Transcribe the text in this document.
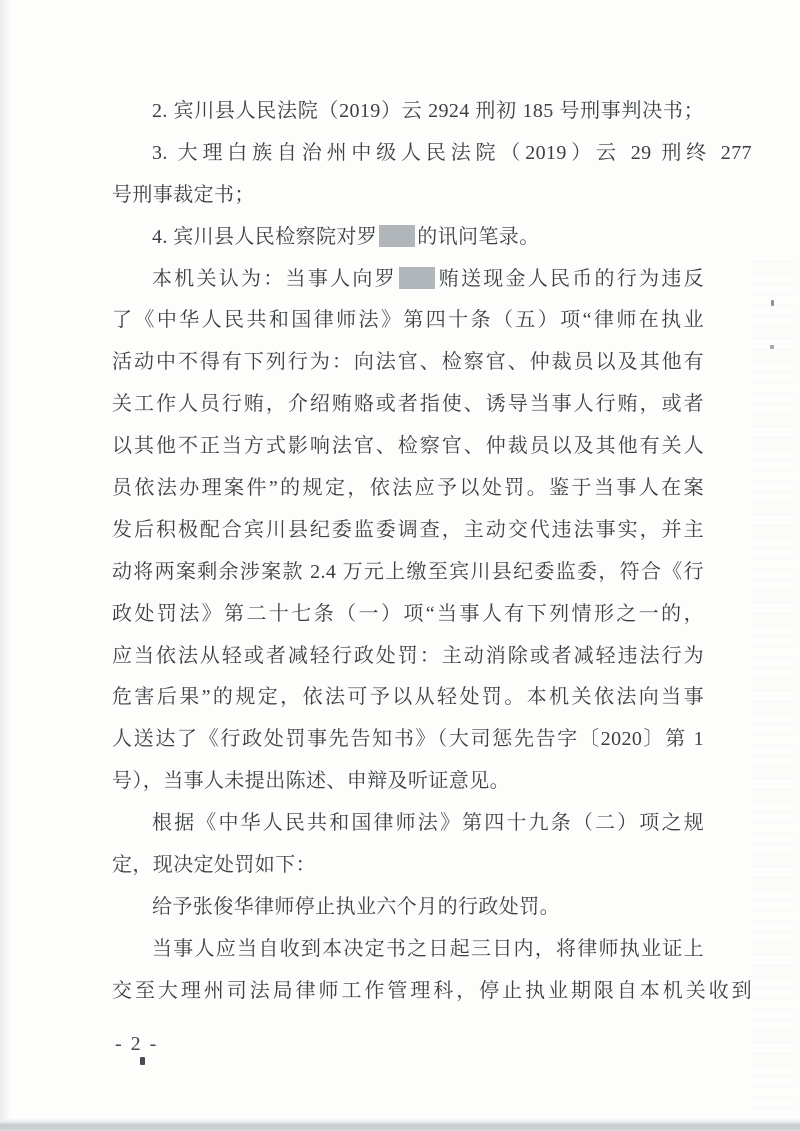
2. 宾川县人民法院（2019）云 2924 刑初 185 号刑事判决书；
3. 大理白族自治州中级人民法院（2019）云 29 刑终 277
号刑事裁定书；
4. 宾川县人民检察院对罗 的讯问笔录。
本机关认为：当事人向罗 贿送现金人民币的行为违反
了《中华人民共和国律师法》第四十条（五）项“律师在执业
活动中不得有下列行为：向法官、检察官、仲裁员以及其他有
关工作人员行贿，介绍贿赂或者指使、诱导当事人行贿，或者
以其他不正当方式影响法官、检察官、仲裁员以及其他有关人
员依法办理案件”的规定，依法应予以处罚。鉴于当事人在案
发后积极配合宾川县纪委监委调查，主动交代违法事实，并主
动将两案剩余涉案款 2.4 万元上缴至宾川县纪委监委，符合《行
政处罚法》第二十七条（一）项“当事人有下列情形之一的，
应当依法从轻或者减轻行政处罚：主动消除或者减轻违法行为
危害后果”的规定，依法可予以从轻处罚。本机关依法向当事
人送达了《行政处罚事先告知书》（大司惩先告字〔2020〕第 1
号），当事人未提出陈述、申辩及听证意见。
根据《中华人民共和国律师法》第四十九条（二）项之规
定，现决定处罚如下：
给予张俊华律师停止执业六个月的行政处罚。
当事人应当自收到本决定书之日起三日内，将律师执业证上
交至大理州司法局律师工作管理科，停止执业期限自本机关收到
- 2 -
